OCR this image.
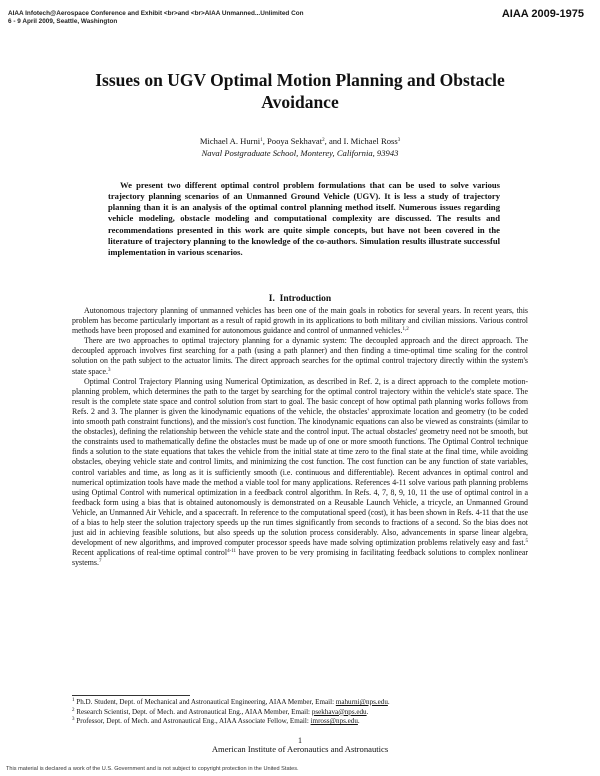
AIAA Infotech@Aerospace Conference and Exhibit <br>and <br>AIAA Unmanned...Unlimited Con
6 - 9 April 2009, Seattle, Washington
AIAA 2009-1975
Issues on UGV Optimal Motion Planning and Obstacle Avoidance
Michael A. Hurni$^1$, Pooya Sekhavat$^2$, and I. Michael Ross$^3$
Naval Postgraduate School, Monterey, California, 93943
We present two different optimal control problem formulations that can be used to solve various trajectory planning scenarios of an Unmanned Ground Vehicle (UGV). It is less a study of trajectory planning than it is an analysis of the optimal control planning method itself. Numerous issues regarding vehicle modeling, obstacle modeling and computational complexity are discussed. The results and recommendations presented in this work are quite simple concepts, but have not been covered in the literature of trajectory planning to the knowledge of the co-authors. Simulation results illustrate successful implementation in various scenarios.
I. Introduction

Autonomous trajectory planning of unmanned vehicles has been one of the main goals in robotics for several years. In recent years, this problem has become particularly important as a result of rapid growth in its applications to both military and civilian missions. Various control methods have been proposed and examined for autonomous guidance and control of unmanned vehicles.$^{1,2}$

There are two approaches to optimal trajectory planning for a dynamic system: The decoupled approach and the direct approach. The decoupled approach involves first searching for a path (using a path planner) and then finding a time-optimal time scaling for the control solution on the path subject to the actuator limits. The direct approach searches for the optimal control trajectory directly within the system's state space.$^3$

Optimal Control Trajectory Planning using Numerical Optimization, as described in Ref. 2, is a direct approach to the complete motion-planning problem, which determines the path to the target by searching for the optimal control trajectory within the vehicle's state space. The result is the complete state space and control solution from start to goal. The basic concept of how optimal path planning works follows from Refs. 2 and 3. The planner is given the kinodynamic equations of the vehicle, the obstacles' approximate location and geometry (to be coded into smooth path constraint functions), and the mission's cost function. The kinodynamic equations can also be viewed as constraints (similar to the obstacles), defining the relationship between the vehicle state and the control input. The actual obstacles' geometry need not be smooth, but the constraints used to mathematically define the obstacles must be made up of one or more smooth functions. The Optimal Control technique finds a solution to the state equations that takes the vehicle from the initial state at time zero to the final state at the final time, while avoiding obstacles, obeying vehicle state and control limits, and minimizing the cost function. The cost function can be any function of state variables, control variables and time, as long as it is sufficiently smooth (i.e. continuous and differentiable). Recent advances in optimal control and numerical optimization tools have made the method a viable tool for many applications. References 4-11 solve various path planning problems using Optimal Control with numerical optimization in a feedback control algorithm. In Refs. 4, 7, 8, 9, 10, 11 the use of optimal control in a feedback form using a bias that is obtained autonomously is demonstrated on a Reusable Launch Vehicle, a tricycle, an Unmanned Ground Vehicle, an Unmanned Air Vehicle, and a spacecraft. In reference to the computational speed (cost), it has been shown in Refs. 4-11 that the use of a bias to help steer the solution trajectory speeds up the run times significantly from seconds to fractions of a second. So the bias does not just aid in achieving feasible solutions, but also speeds up the solution process considerably. Also, advancements in sparse linear algebra, development of new algorithms, and improved computer processor speeds have made solving optimization problems relatively easy and fast.$^5$ Recent applications of real-time optimal control$^{4-11}$ have proven to be very promising in facilitating feedback solutions to complex nonlinear systems.$^7$

$^1$ Ph.D. Student, Dept. of Mechanical and Astronautical Engineering, AIAA Member, Email: mahurni@nps.edu.
$^2$ Research Scientist, Dept. of Mech. and Astronautical Eng., AIAA Member, Email: psekhava@nps.edu.
$^3$ Professor, Dept. of Mech. and Astronautical Eng., AIAA Associate Fellow, Email: imross@nps.edu.
1
American Institute of Aeronautics and Astronautics
This material is declared a work of the U.S. Government and is not subject to copyright protection in the United States.
